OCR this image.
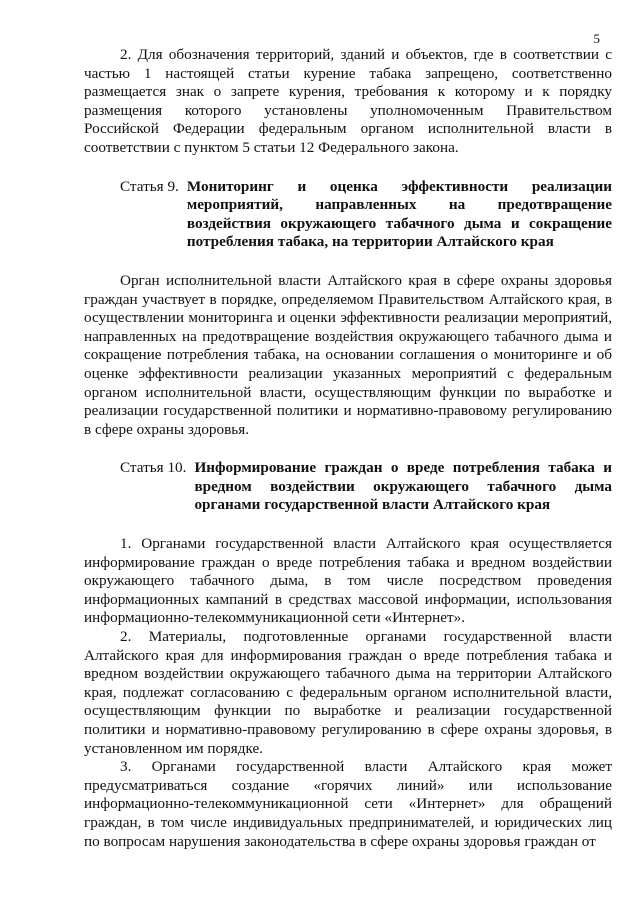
5

2. Для обозначения территорий, зданий и объектов, где в соответствии с частью 1 настоящей статьи курение табака запрещено, соответственно размещается знак о запрете курения, требования к которому и к порядку размещения которого установлены уполномоченным Правительством Российской Федерации федеральным органом исполнительной власти в соответствии с пунктом 5 статьи 12 Федерального закона.

Статья 9. Мониторинг и оценка эффективности реализации мероприятий, направленных на предотвращение воздействия окружающего табачного дыма и сокращение потребления табака, на территории Алтайского края

Орган исполнительной власти Алтайского края в сфере охраны здоровья граждан участвует в порядке, определяемом Правительством Алтайского края, в осуществлении мониторинга и оценки эффективности реализации мероприятий, направленных на предотвращение воздействия окружающего табачного дыма и сокращение потребления табака, на основании соглашения о мониторинге и об оценке эффективности реализации указанных мероприятий с федеральным органом исполнительной власти, осуществляющим функции по выработке и реализации государственной политики и нормативно-правовому регулированию в сфере охраны здоровья.

Статья 10. Информирование граждан о вреде потребления табака и вредном воздействии окружающего табачного дыма органами государственной власти Алтайского края

1. Органами государственной власти Алтайского края осуществляется информирование граждан о вреде потребления табака и вредном воздействии окружающего табачного дыма, в том числе посредством проведения информационных кампаний в средствах массовой информации, использования информационно-телекоммуникационной сети «Интернет».

2. Материалы, подготовленные органами государственной власти Алтайского края для информирования граждан о вреде потребления табака и вредном воздействии окружающего табачного дыма на территории Алтайского края, подлежат согласованию с федеральным органом исполнительной власти, осуществляющим функции по выработке и реализации государственной политики и нормативно-правовому регулированию в сфере охраны здоровья, в установленном им порядке.

3. Органами государственной власти Алтайского края может предусматриваться создание «горячих линий» или использование информационно-телекоммуникационной сети «Интернет» для обращений граждан, в том числе индивидуальных предпринимателей, и юридических лиц по вопросам нарушения законодательства в сфере охраны здоровья граждан от
